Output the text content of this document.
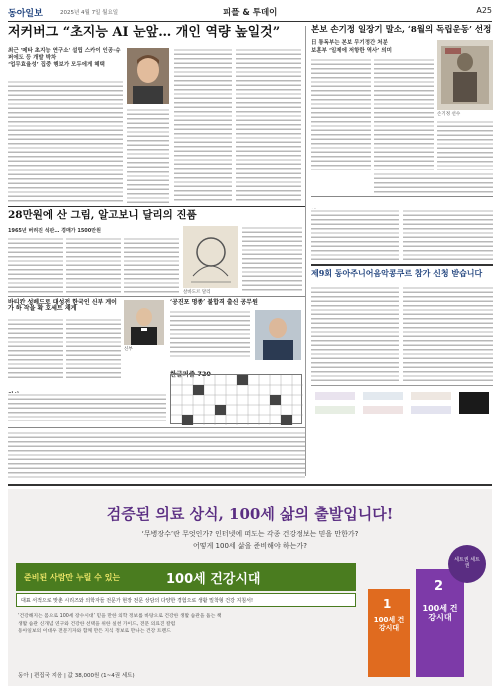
동아일보	2025년 4월 7일 월요일	피플 & 투데이	A25
저커버그 “초지능 AI 눈앞… 개인 역량 높일것”
최근 '메타 초지능 연구소' 설립 스카이 인공·슈퍼에도 등 개발 박차
‘업무효율성’ 집중 행보가 모두에게 혜택
본보 손기정 일장기 말소, ‘8월의 독립운동’ 선정
日 통독부는 본보 무기정간 처분
보훈부 ‘일제에 저항한 역사’ 의미
손기정 선수
28만원에 산 그림, 알고보니 달리의 진품
1965년 버려진 석판… 경매가 1500만원
살바도르 달리
바티칸 성베드로 대성전 한국인 신부 게이 가 하 작을 확 호세트 재게
신부
‘공진포 명종’ 불합격 출신 공무원
한글퍼즐 720
제9회 동아주니어음악콩쿠르 참가 신청 받습니다
검증된 의료 상식, 100세 삶의 출발입니다!
‘무병장수’란 무엇인가? 인터넷에 떠도는 각종 건강정보는 믿을 만한가?
어떻게 100세 삶을 준비해야 하는가?
준비된 사람만 누릴 수 있는	100세 건강시대
대표 서적으로 맞춘 시리즈와 의학자들 전문가 현장 전문 상담의 다양한 경험으로 생활 밀착형 건강 지침서!
‘건강해지는 몸으로 100세 장수시대’ 믿을 만한 의학 정보를 바탕으로 건강한 생활 습관을 돕는 책
생활 습관 신개념 연구와 건강한 선택을 위한 실천 가이드, 전문 의료진 칼럼
동아일보의 이대우 전문기자와 함께 만든 지식 정보로 만나는 건강 트렌드
동아 | 편집국 지음 | 값 38,000원 (1~4권 세트)
100세 건강시대
1	100세 건강시대
2
세트권 세트권
